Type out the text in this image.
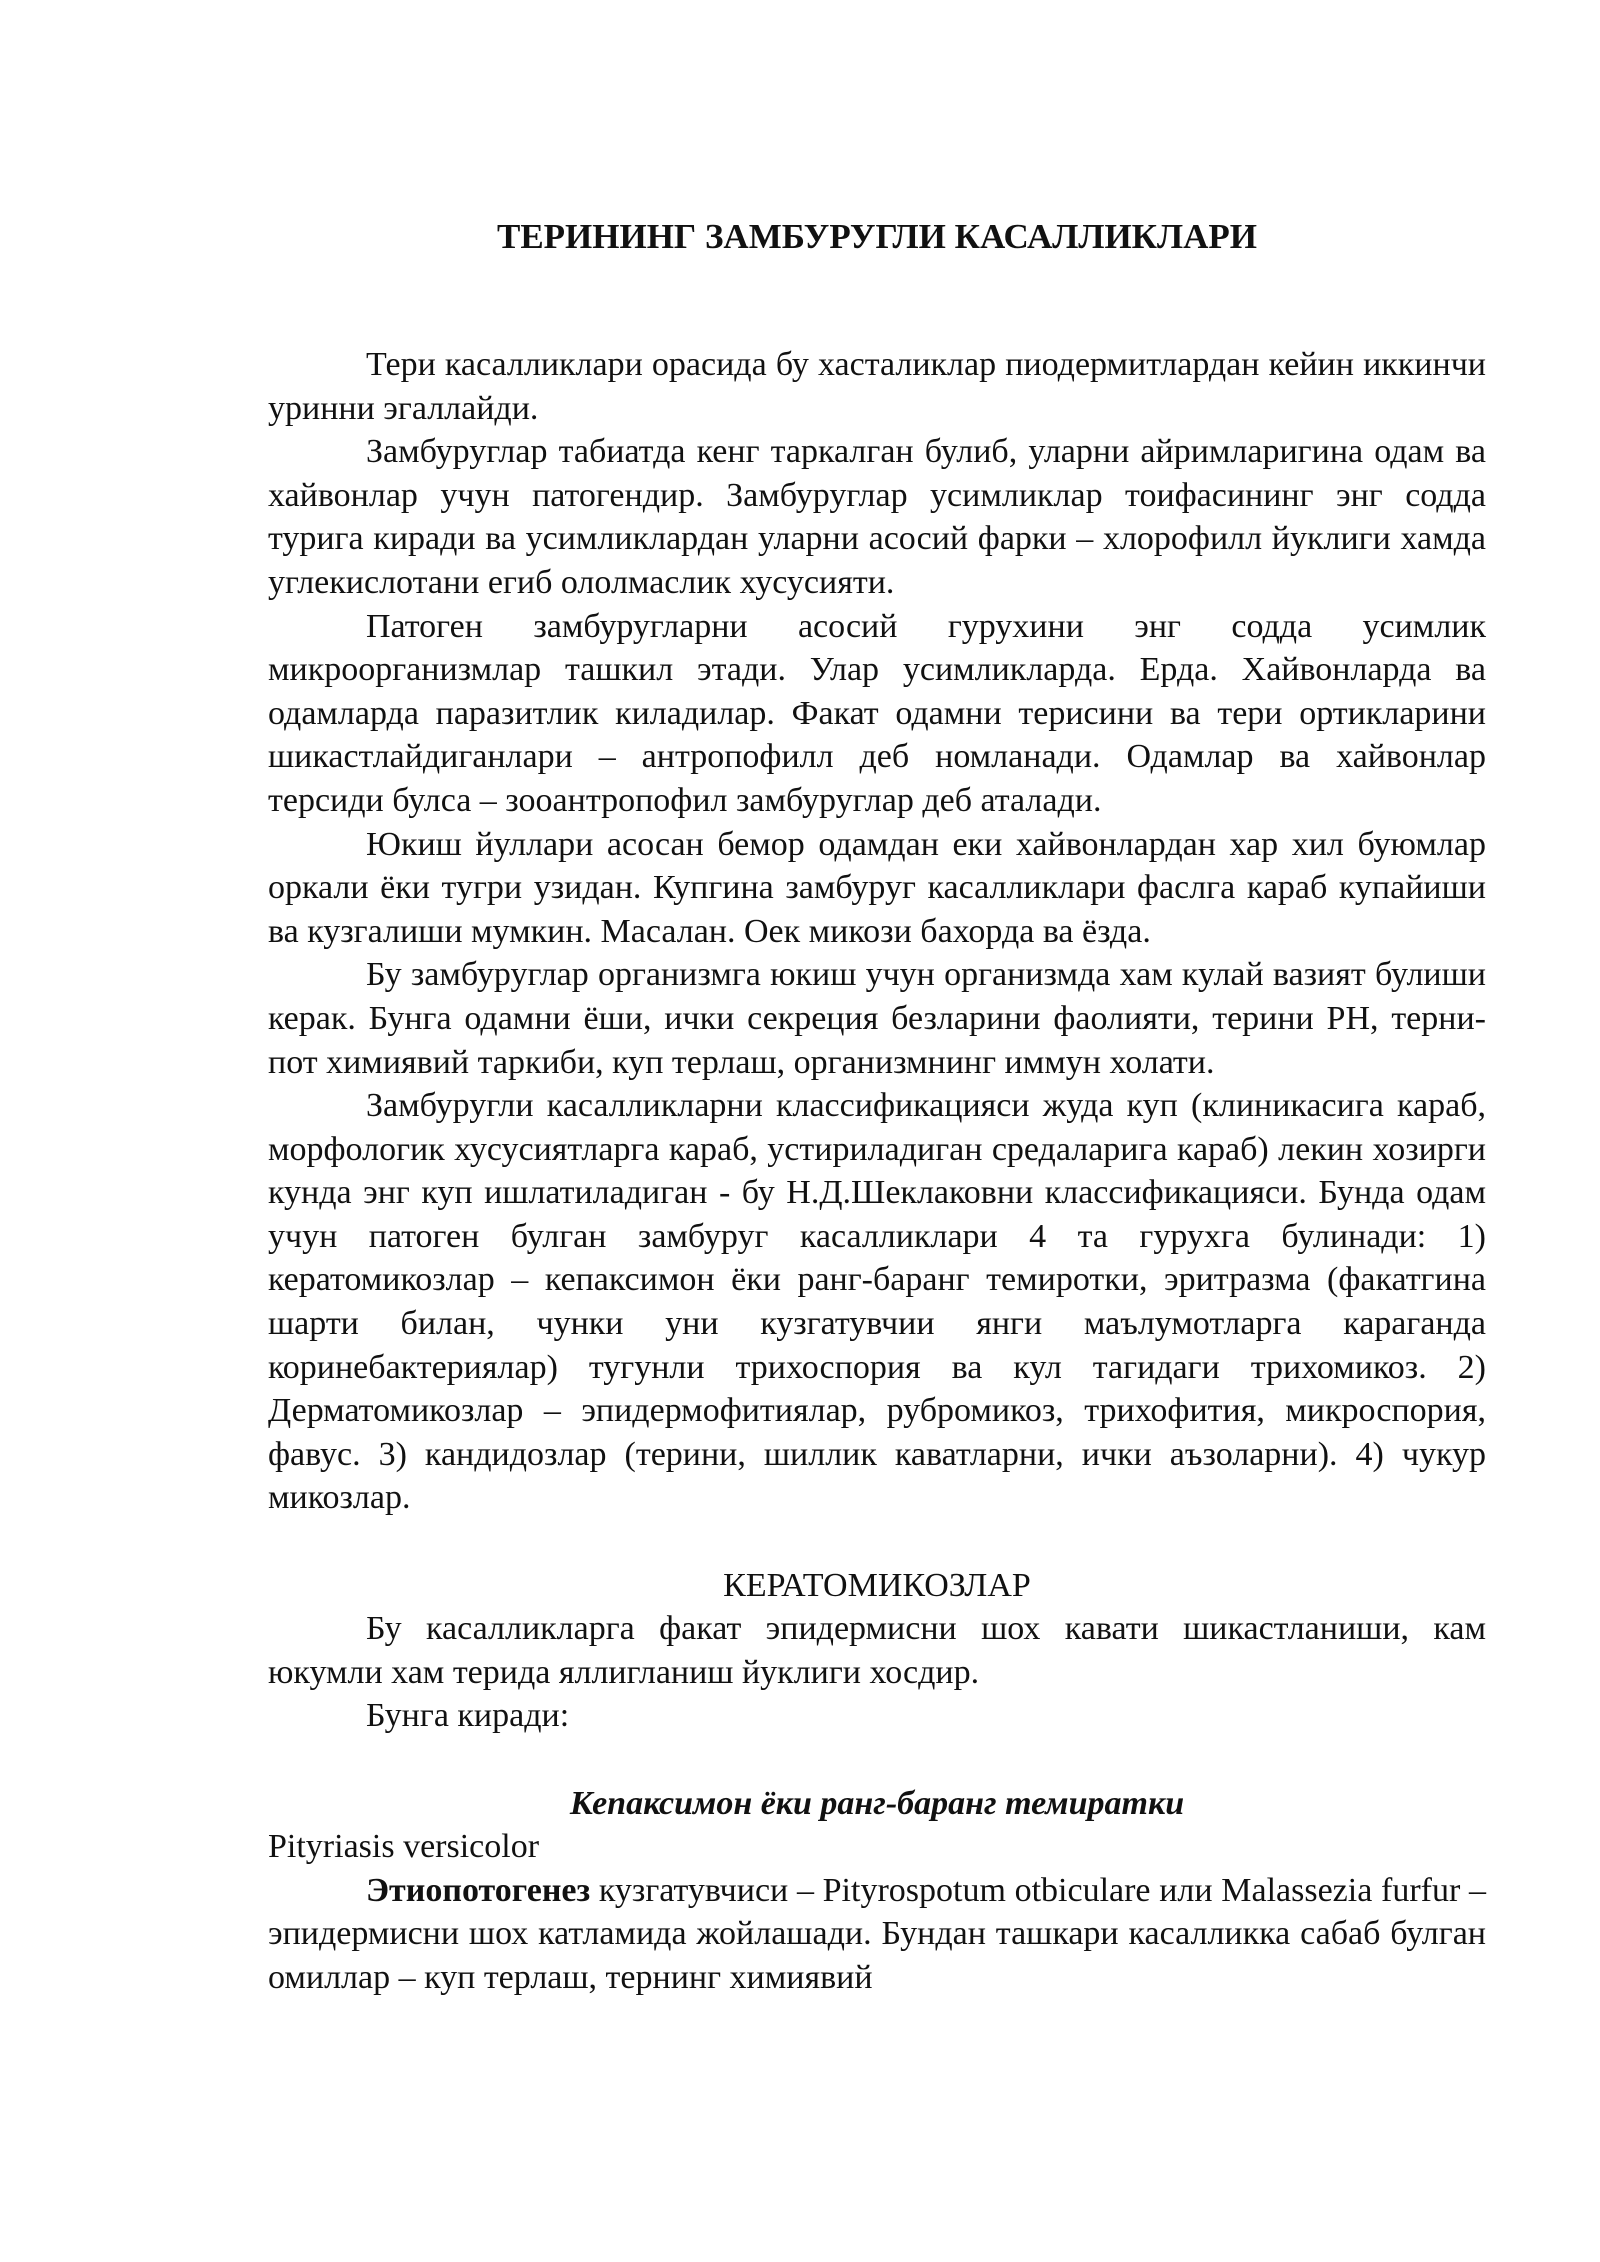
ТЕРИНИНГ ЗАМБУРУГЛИ КАСАЛЛИКЛАРИ

Тери касалликлари орасида бу хасталиклар пиодермитлардан кейин иккинчи уринни эгаллайди.

Замбуруглар табиатда кенг таркалган булиб, уларни айримларигина одам ва хайвонлар учун патогендир. Замбуруглар усимликлар тоифасининг энг содда турига киради ва усимликлардан уларни асосий фарки – хлорофилл йуклиги хамда углекислотани егиб ололмаслик хусусияти.

Патоген замбуругларни асосий гурухини энг содда усимлик микроорганизмлар ташкил этади. Улар усимликларда. Ерда. Хайвонларда ва одамларда паразитлик киладилар. Факат одамни терисини ва тери ортикларини шикастлайдиганлари – антропофилл деб номланади. Одамлар ва хайвонлар терсиди булса – зооантропофил замбуруглар деб аталади.

Юкиш йуллари асосан бемор одамдан еки хайвонлардан хар хил буюмлар оркали ёки тугри узидан. Купгина замбуруг касалликлари фаслга караб купайиши ва кузгалиши мумкин. Масалан. Оек микози бахорда ва ёзда.

Бу замбуруглар организмга юкиш учун организмда хам кулай вазият булиши керак. Бунга одамни ёши, ички секреция безларини фаолияти, терини РН, терни-пот химиявий таркиби, куп терлаш, организмнинг иммун холати.

Замбуругли касалликларни классификацияси жуда куп (клиникасига караб, морфологик хусусиятларга караб, устириладиган средаларига караб) лекин хозирги кунда энг куп ишлатиладиган - бу Н.Д.Шеклаковни классификацияси. Бунда одам учун патоген булган замбуруг касалликлари 4 та гурухга булинади: 1) кератомикозлар – кепаксимон ёки ранг-баранг темиротки, эритразма (факатгина шарти билан, чунки уни кузгатувчии янги маълумотларга караганда коринебактериялар) тугунли трихоспория ва кул тагидаги трихомикоз. 2) Дерматомикозлар – эпидермофитиялар, рубромикоз, трихофития, микроспория, фавус. 3) кандидозлар (терини, шиллик каватларни, ички аъзоларни). 4) чукур микозлар.

КЕРАТОМИКОЗЛАР

Бу касалликларга факат эпидермисни шох кавати шикастланиши, кам юкумли хам терида яллигланиш йуклиги хосдир.

Бунга киради:

Кепаксимон ёки ранг-баранг темиратки

Pityriasis versicolor

Этиопотогенез кузгатувчиси – Pityrospotum otbiculare или Malassezia furfur – эпидермисни шох катламида жойлашади. Бундан ташкари касалликка сабаб булган омиллар – куп терлаш, тернинг химиявий
